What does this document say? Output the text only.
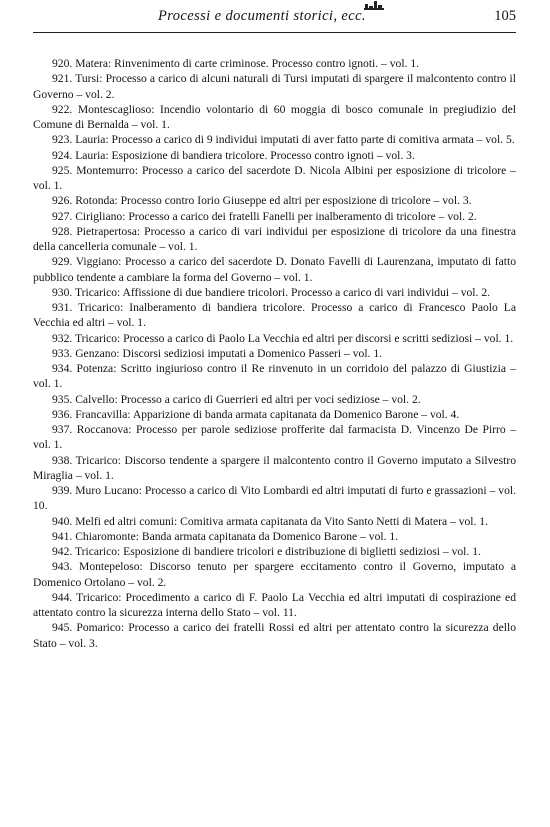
Processi e documenti storici, ecc.	105

920. Matera: Rinvenimento di carte criminose. Processo contro ignoti. – vol. 1.

921. Tursi: Processo a carico di alcuni naturali di Tursi imputati di spargere il malcontento contro il Governo – vol. 2.

922. Montescaglioso: Incendio volontario di 60 moggia di bosco comunale in pregiudizio del Comune di Bernalda – vol. 1.

923. Lauria: Processo a carico di 9 individui imputati di aver fatto parte di comitiva armata – vol. 5.

924. Lauria: Esposizione di bandiera tricolore. Processo contro ignoti – vol. 3.

925. Montemurro: Processo a carico del sacerdote D. Nicola Albini per esposizione di tricolore – vol. 1.

926. Rotonda: Processo contro Iorio Giuseppe ed altri per esposizione di tricolore – vol. 3.

927. Cirigliano: Processo a carico dei fratelli Fanelli per inalberamento di tricolore – vol. 2.

928. Pietrapertosa: Processo a carico di vari individui per esposizione di tricolore da una finestra della cancelleria comunale – vol. 1.

929. Viggiano: Processo a carico del sacerdote D. Donato Favelli di Laurenzana, imputato di fatto pubblico tendente a cambiare la forma del Governo – vol. 1.

930. Tricarico: Affissione di due bandiere tricolori. Processo a carico di vari individui – vol. 2.

931. Tricarico: Inalberamento di bandiera tricolore. Processo a carico di Francesco Paolo La Vecchia ed altri – vol. 1.

932. Tricarico: Processo a carico di Paolo La Vecchia ed altri per discorsi e scritti sediziosi – vol. 1.

933. Genzano: Discorsi sediziosi imputati a Domenico Passeri – vol. 1.

934. Potenza: Scritto ingiurioso contro il Re rinvenuto in un corridoio del palazzo di Giustizia – vol. 1.

935. Calvello: Processo a carico di Guerrieri ed altri per voci sediziose – vol. 2.

936. Francavilla: Apparizione di banda armata capitanata da Domenico Barone – vol. 4.

937. Roccanova: Processo per parole sediziose profferite dal farmacista D. Vincenzo De Pirro – vol. 1.

938. Tricarico: Discorso tendente a spargere il malcontento contro il Governo imputato a Silvestro Miraglia – vol. 1.

939. Muro Lucano: Processo a carico di Vito Lombardi ed altri imputati di furto e grassazioni – vol. 10.

940. Melfi ed altri comuni: Comitiva armata capitanata da Vito Santo Netti di Matera – vol. 1.

941. Chiaromonte: Banda armata capitanata da Domenico Barone – vol. 1.

942. Tricarico: Esposizione di bandiere tricolori e distribuzione di biglietti sediziosi – vol. 1.

943. Montepeloso: Discorso tenuto per spargere eccitamento contro il Governo, imputato a Domenico Ortolano – vol. 2.

944. Tricarico: Procedimento a carico di F. Paolo La Vecchia ed altri imputati di cospirazione ed attentato contro la sicurezza interna dello Stato – vol. 11.

945. Pomarico: Processo a carico dei fratelli Rossi ed altri per attentato contro la sicurezza dello Stato – vol. 3.
